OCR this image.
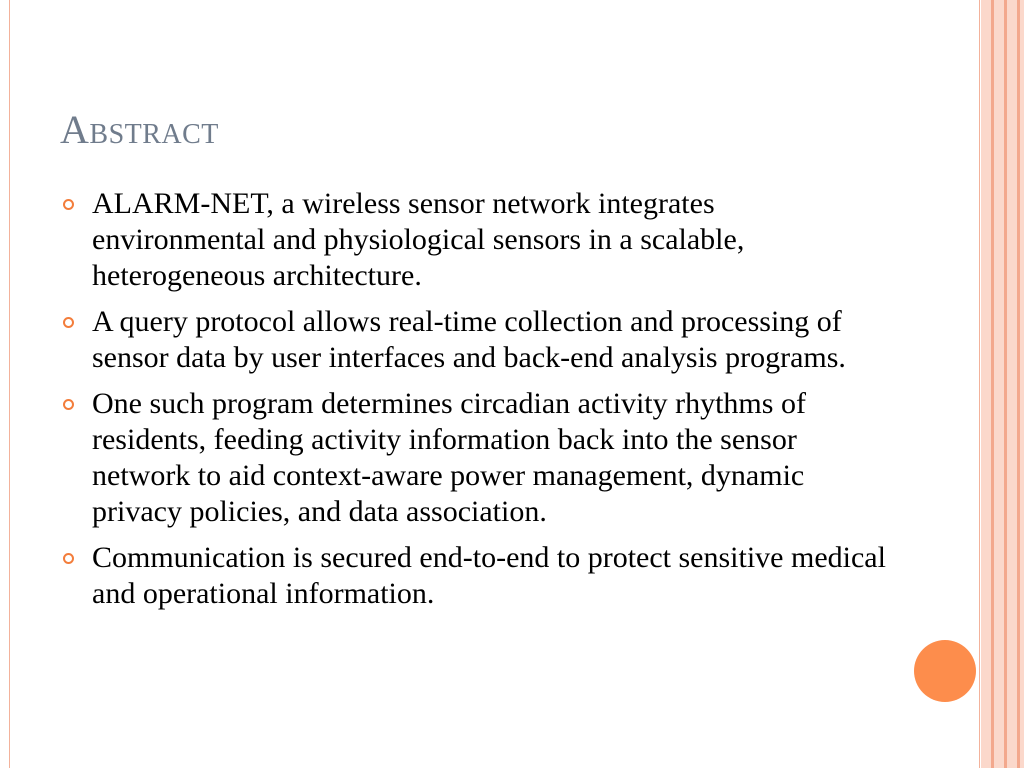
Abstract
ALARM-NET, a wireless sensor network integrates environmental and physiological sensors in a scalable, heterogeneous architecture.
A query protocol allows real-time collection and processing of sensor data by user interfaces and back-end analysis programs.
One such program determines circadian activity rhythms of residents, feeding activity information back into the sensor network to aid context-aware power management, dynamic privacy policies, and data association.
Communication is secured end-to-end to protect sensitive medical and operational information.
